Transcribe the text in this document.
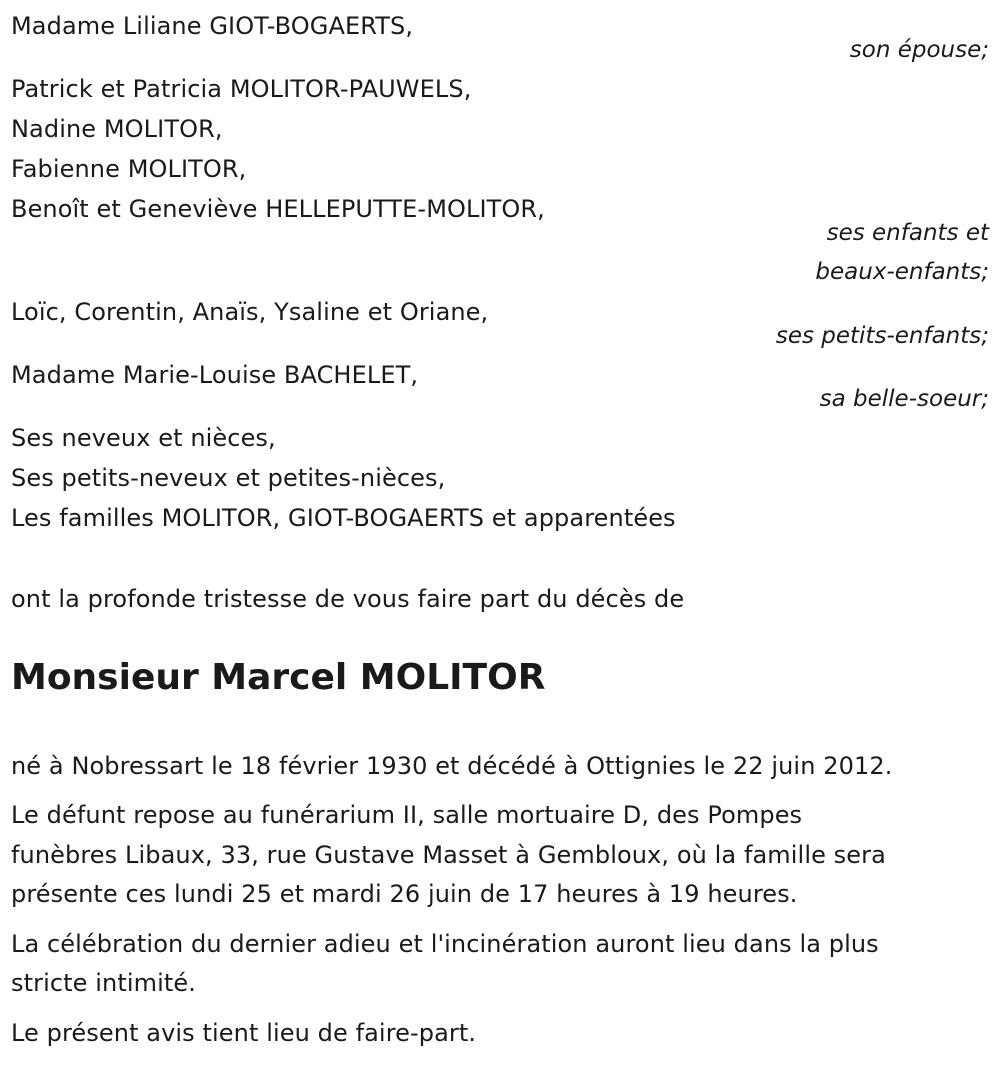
Madame Liliane GIOT-BOGAERTS,
son épouse;
Patrick et Patricia MOLITOR-PAUWELS,
Nadine MOLITOR,
Fabienne MOLITOR,
Benoît et Geneviève HELLEPUTTE-MOLITOR,
ses enfants et
beaux-enfants;
Loïc, Corentin, Anaïs, Ysaline et Oriane,
ses petits-enfants;
Madame Marie-Louise BACHELET,
sa belle-soeur;
Ses neveux et nièces,
Ses petits-neveux et petites-nièces,
Les familles MOLITOR, GIOT-BOGAERTS et apparentées
ont la profonde tristesse de vous faire part du décès de
Monsieur Marcel MOLITOR
né à Nobressart le 18 février 1930 et décédé à Ottignies le 22 juin 2012.
Le défunt repose au funérarium II, salle mortuaire D, des Pompes
funèbres Libaux, 33, rue Gustave Masset à Gembloux, où la famille sera
présente ces lundi 25 et mardi 26 juin de 17 heures à 19 heures.
La célébration du dernier adieu et l'incinération auront lieu dans la plus
stricte intimité.
Le présent avis tient lieu de faire-part.
